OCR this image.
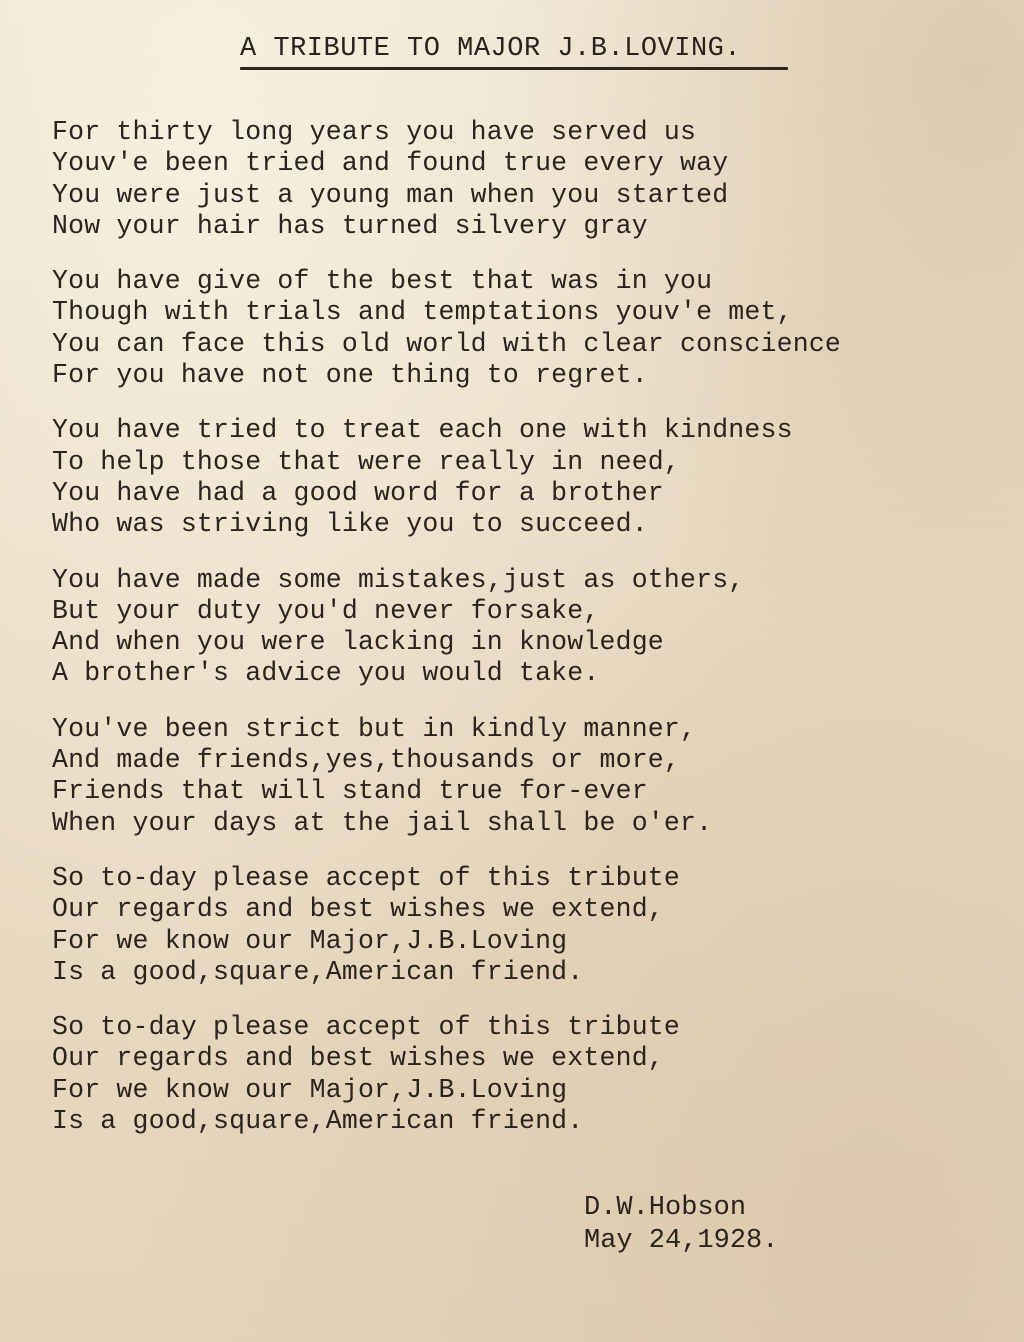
A TRIBUTE TO MAJOR J.B.LOVING.
For thirty long years you have served us
Youv'e been tried and found true every way
You were just a young man when you started
Now your hair has turned silvery gray
You have give of the best that was in you
Though with trials and temptations youv'e met,
You can face this old world with clear conscience
For you have not one thing to regret.
You have tried to treat each one with kindness
To help those that were really in need,
You have had a good word for a brother
Who was striving like you to succeed.
You have made some mistakes,just as others,
But your duty you'd never forsake,
And when you were lacking in knowledge
A brother's advice you would take.
You've been strict but in kindly manner,
And made friends,yes,thousands or more,
Friends that will stand true for-ever
When your days at the jail shall be o'er.
So to-day please accept of this tribute
Our regards and best wishes we extend,
For we know our Major,J.B.Loving
Is a good,square,American friend.
So to-day please accept of this tribute
Our regards and best wishes we extend,
For we know our Major,J.B.Loving
Is a good,square,American friend.
D.W.Hobson
May 24,1928.
